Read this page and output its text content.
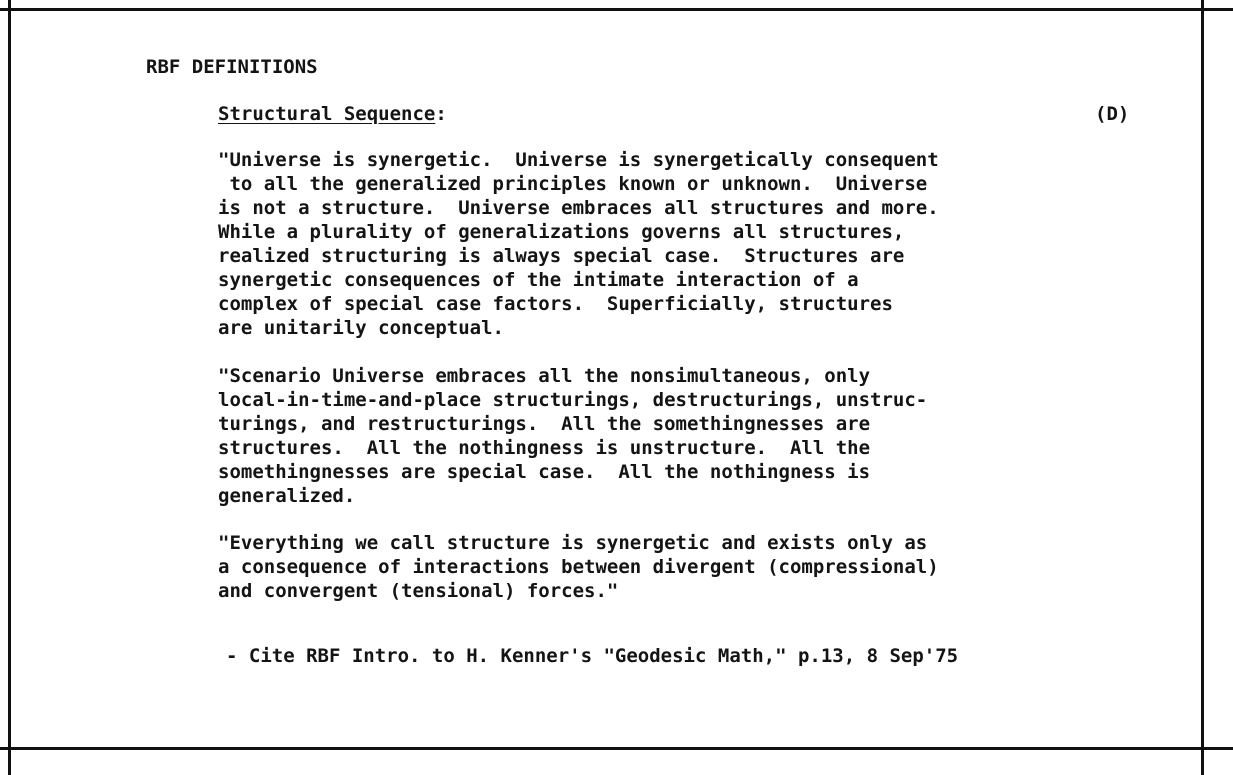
RBF DEFINITIONS
Structural Sequence:	(D)
"Universe is synergetic.  Universe is synergetically consequent
to all the generalized principles known or unknown.  Universe
is not a structure.  Universe embraces all structures and more.
While a plurality of generalizations governs all structures,
realized structuring is always special case.  Structures are
synergetic consequences of the intimate interaction of a
complex of special case factors.  Superficially, structures
are unitarily conceptual.
"Scenario Universe embraces all the nonsimultaneous, only
local-in-time-and-place structurings, destructurings, unstruc-
turings, and restructurings.  All the somethingnesses are
structures.  All the nothingness is unstructure.  All the
somethingnesses are special case.  All the nothingness is
generalized.
"Everything we call structure is synergetic and exists only as
a consequence of interactions between divergent (compressional)
and convergent (tensional) forces."
- Cite RBF Intro. to H. Kenner's "Geodesic Math," p.13, 8 Sep'75
